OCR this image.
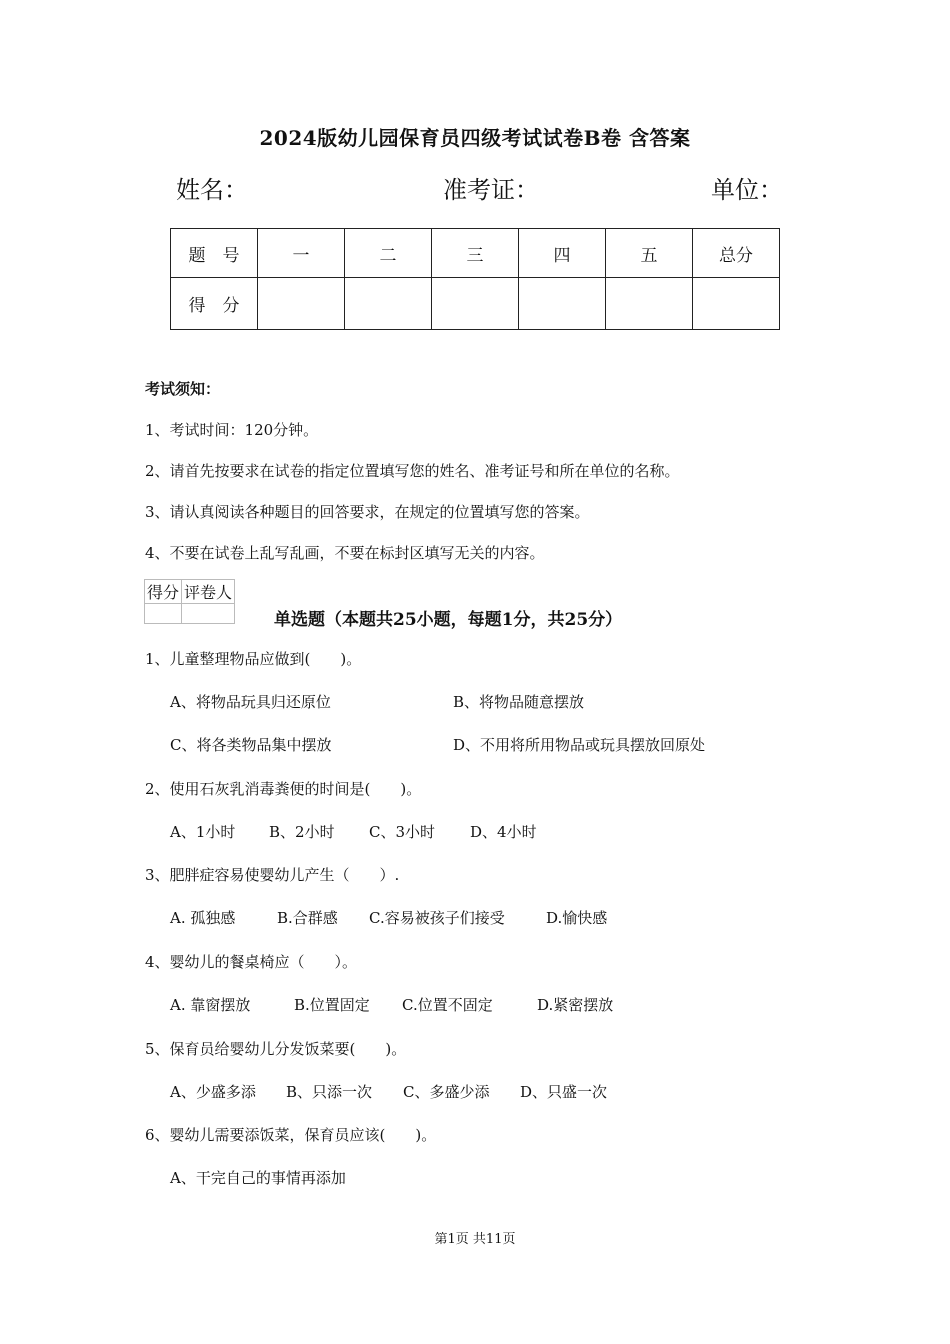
2024版幼儿园保育员四级考试试卷B卷 含答案
姓名：	准考证：	单位：
题　号	一	二	三	四	五	总分
得　分						
考试须知：
1、考试时间：120分钟。
2、请首先按要求在试卷的指定位置填写您的姓名、准考证号和所在单位的名称。
3、请认真阅读各种题目的回答要求，在规定的位置填写您的答案。
4、不要在试卷上乱写乱画，不要在标封区填写无关的内容。
得分	评卷人

单选题（本题共25小题，每题1分，共25分）
1、儿童整理物品应做到(　　)。
A、将物品玩具归还原位	B、将物品随意摆放
C、将各类物品集中摆放	D、不用将所用物品或玩具摆放回原处
2、使用石灰乳消毒粪便的时间是(　　)。
A、1小时 B、2小时 C、3小时 D、4小时
3、肥胖症容易使婴幼儿产生（　　）.
A. 孤独感	B.合群感 C.容易被孩子们接受	D.愉快感
4、婴幼儿的餐桌椅应（　　）。
A. 靠窗摆放	B.位置固定 C.位置不固定	D.紧密摆放
5、保育员给婴幼儿分发饭菜要(　　)。
A、少盛多添 B、只添一次 C、多盛少添 D、只盛一次
6、婴幼儿需要添饭菜，保育员应该(　　)。
A、干完自己的事情再添加
第1页 共11页
